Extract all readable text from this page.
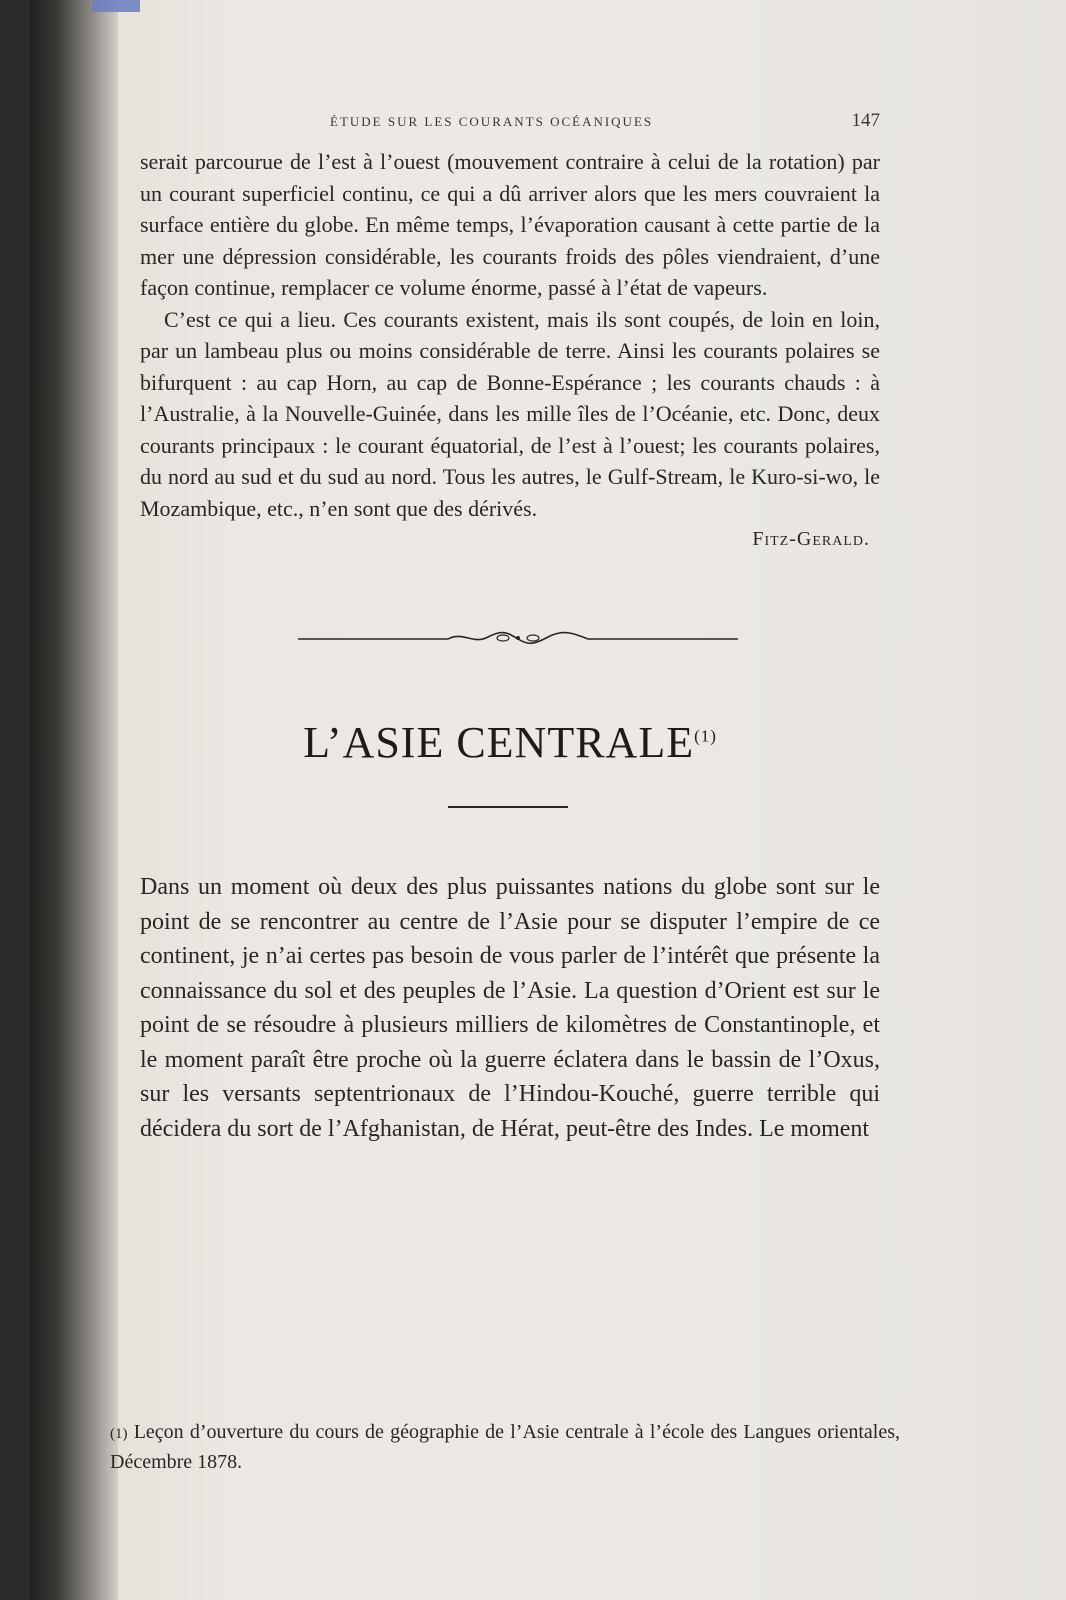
ÉTUDE SUR LES COURANTS OCÉANIQUES	147

serait parcourue de l’est à l’ouest (mouvement contraire à celui de la rotation) par un courant superficiel continu, ce qui a dû arriver alors que les mers couvraient la surface entière du globe. En même temps, l’évaporation causant à cette partie de la mer une dépression considérable, les courants froids des pôles viendraient, d’une façon continue, remplacer ce volume énorme, passé à l’état de vapeurs.

C’est ce qui a lieu. Ces courants existent, mais ils sont coupés, de loin en loin, par un lambeau plus ou moins considérable de terre. Ainsi les courants polaires se bifurquent : au cap Horn, au cap de Bonne-Espérance ; les courants chauds : à l’Australie, à la Nouvelle-Guinée, dans les mille îles de l’Océanie, etc. Donc, deux courants principaux : le courant équatorial, de l’est à l’ouest; les courants polaires, du nord au sud et du sud au nord. Tous les autres, le Gulf-Stream, le Kuro-si-wo, le Mozambique, etc., n’en sont que des dérivés.

Fitz-Gerald.
L’ASIE CENTRALE$^{(1)}$

Dans un moment où deux des plus puissantes nations du globe sont sur le point de se rencontrer au centre de l’Asie pour se disputer l’empire de ce continent, je n’ai certes pas besoin de vous parler de l’intérêt que présente la connaissance du sol et des peuples de l’Asie. La question d’Orient est sur le point de se résoudre à plusieurs milliers de kilomètres de Constantinople, et le moment paraît être proche où la guerre éclatera dans le bassin de l’Oxus, sur les versants septentrionaux de l’Hindou-Kouché, guerre terrible qui décidera du sort de l’Afghanistan, de Hérat, peut-être des Indes. Le moment

(1) Leçon d’ouverture du cours de géographie de l’Asie centrale à l’école des Langues orientales, Décembre 1878.
